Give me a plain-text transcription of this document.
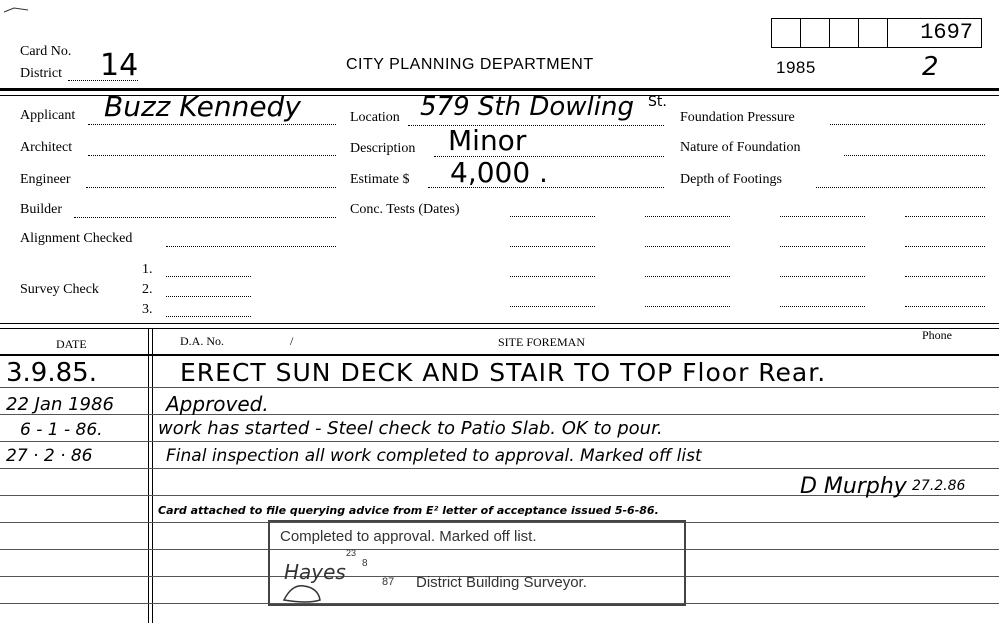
Card No.
District 14	CITY PLANNING DEPARTMENT	1985	2
1697
Applicant Buzz Kennedy
Architect
Engineer
Builder
Alignment Checked
Survey Check
1.
2.
3.
Location 579 Sth Dowling St.
Description Minor
Estimate $ 4,000 .
Conc. Tests (Dates)
Foundation Pressure
Nature of Foundation
Depth of Footings
DATE	D.A. No.	/	SITE FOREMAN	Phone
3.9.85.	ERECT SUN DECK AND STAIR TO TOP Floor Rear.
22 Jan 1986	Approved.
6 - 1 - 86.	work has started - Steel check to Patio Slab. OK to pour.
27 · 2 · 86	Final inspection all work completed to approval. Marked off list
D Murphy 27.2.86
Card attached to file querying advice from E² letter of acceptance issued 5-6-86.
Completed to approval. Marked off list.
23
Hayes 8
87 District Building Surveyor.
